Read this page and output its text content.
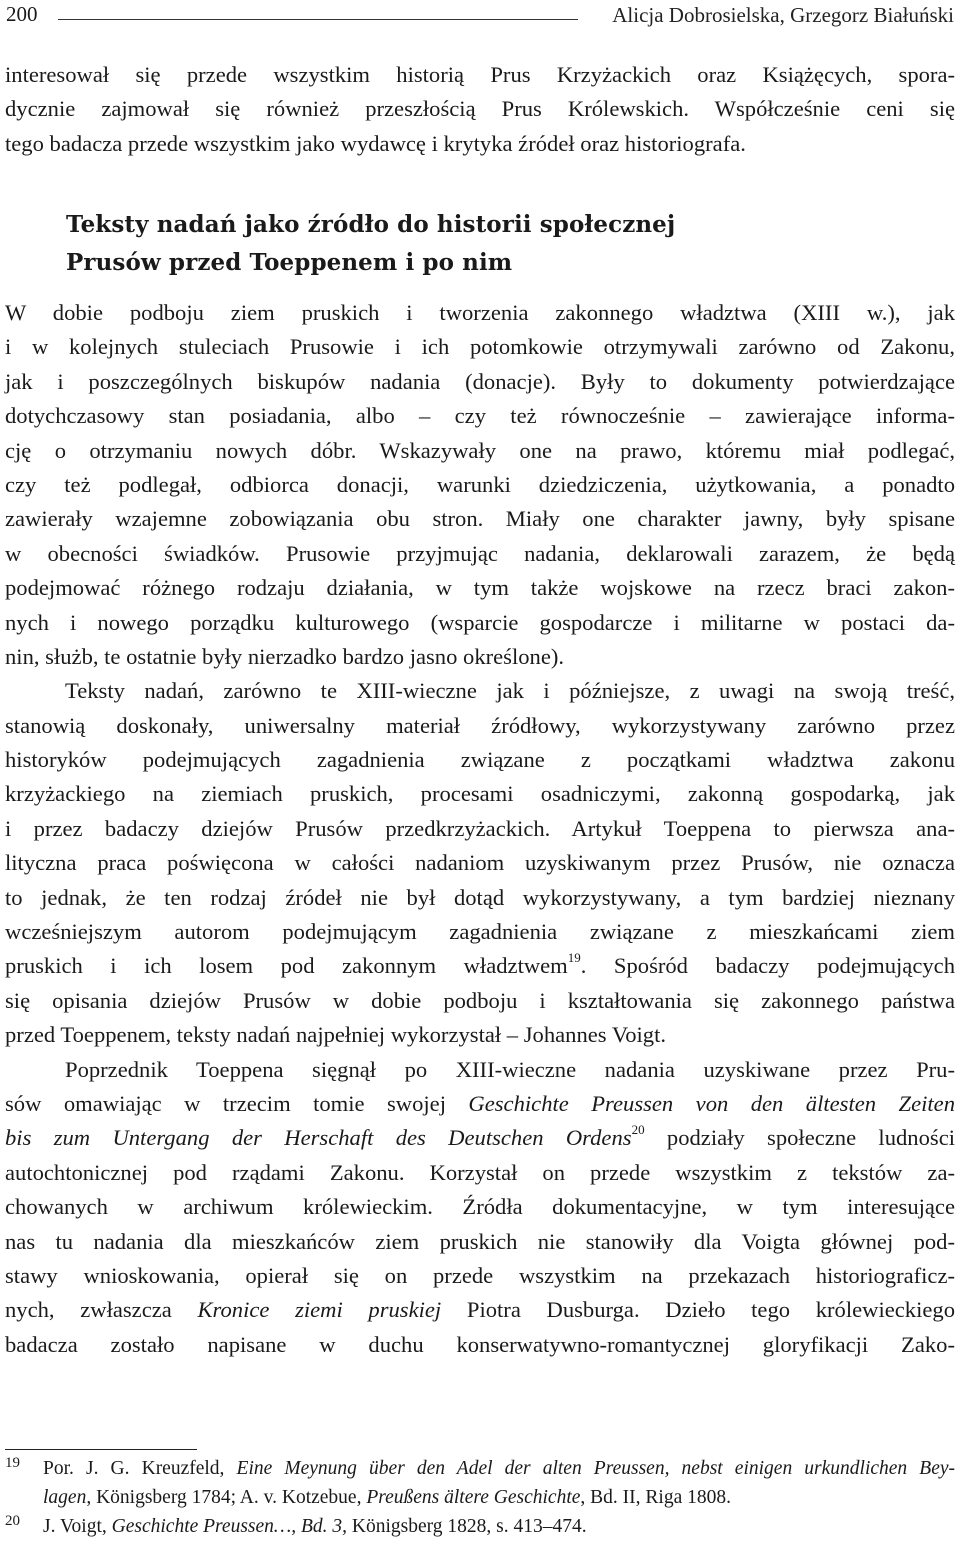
200	Alicja Dobrosielska, Grzegorz Białuński
interesował się przede wszystkim historią Prus Krzyżackich oraz Książęcych, spora-
dycznie zajmował się również przeszłością Prus Królewskich. Współcześnie ceni się
tego badacza przede wszystkim jako wydawcę i krytyka źródeł oraz historiografa.
Teksty nadań jako źródło do historii społecznej
Prusów przed Toeppenem i po nim
W dobie podboju ziem pruskich i tworzenia zakonnego władztwa (XIII w.), jak
i w kolejnych stuleciach Prusowie i ich potomkowie otrzymywali zarówno od Zakonu,
jak i poszczególnych biskupów nadania (donacje). Były to dokumenty potwierdzające
dotychczasowy stan posiadania, albo – czy też równocześnie – zawierające informa-
cję o otrzymaniu nowych dóbr. Wskazywały one na prawo, któremu miał podlegać,
czy też podlegał, odbiorca donacji, warunki dziedziczenia, użytkowania, a ponadto
zawierały wzajemne zobowiązania obu stron. Miały one charakter jawny, były spisane
w obecności świadków. Prusowie przyjmując nadania, deklarowali zarazem, że będą
podejmować różnego rodzaju działania, w tym także wojskowe na rzecz braci zakon-
nych i nowego porządku kulturowego (wsparcie gospodarcze i militarne w postaci da-
nin, służb, te ostatnie były nierzadko bardzo jasno określone).
Teksty nadań, zarówno te XIII-wieczne jak i późniejsze, z uwagi na swoją treść,
stanowią doskonały, uniwersalny materiał źródłowy, wykorzystywany zarówno przez
historyków podejmujących zagadnienia związane z początkami władztwa zakonu
krzyżackiego na ziemiach pruskich, procesami osadniczymi, zakonną gospodarką, jak
i przez badaczy dziejów Prusów przedkrzyżackich. Artykuł Toeppena to pierwsza ana-
lityczna praca poświęcona w całości nadaniom uzyskiwanym przez Prusów, nie oznacza
to jednak, że ten rodzaj źródeł nie był dotąd wykorzystywany, a tym bardziej nieznany
wcześniejszym autorom podejmującym zagadnienia związane z mieszkańcami ziem
pruskich i ich losem pod zakonnym władztwem$^{19}$. Spośród badaczy podejmujących
się opisania dziejów Prusów w dobie podboju i kształtowania się zakonnego państwa
przed Toeppenem, teksty nadań najpełniej wykorzystał – Johannes Voigt.
Poprzednik Toeppena sięgnął po XIII-wieczne nadania uzyskiwane przez Pru-
sów omawiając w trzecim tomie swojej Geschichte Preussen von den ältesten Zeiten
bis zum Untergang der Herschaft des Deutschen Ordens$^{20}$ podziały społeczne ludności
autochtonicznej pod rządami Zakonu. Korzystał on przede wszystkim z tekstów za-
chowanych w archiwum królewieckim. Źródła dokumentacyjne, w tym interesujące
nas tu nadania dla mieszkańców ziem pruskich nie stanowiły dla Voigta głównej pod-
stawy wnioskowania, opierał się on przede wszystkim na przekazach historiograficz-
nych, zwłaszcza Kronice ziemi pruskiej Piotra Dusburga. Dzieło tego królewieckiego
badacza zostało napisane w duchu konserwatywno-romantycznej gloryfikacji Zako-
19 Por. J. G. Kreuzfeld, Eine Meynung über den Adel der alten Preussen, nebst einigen urkundlichen Bey-
lagen, Königsberg 1784; A. v. Kotzebue, Preußens ältere Geschichte, Bd. II, Riga 1808.
20 J. Voigt, Geschichte Preussen…, Bd. 3, Königsberg 1828, s. 413–474.
